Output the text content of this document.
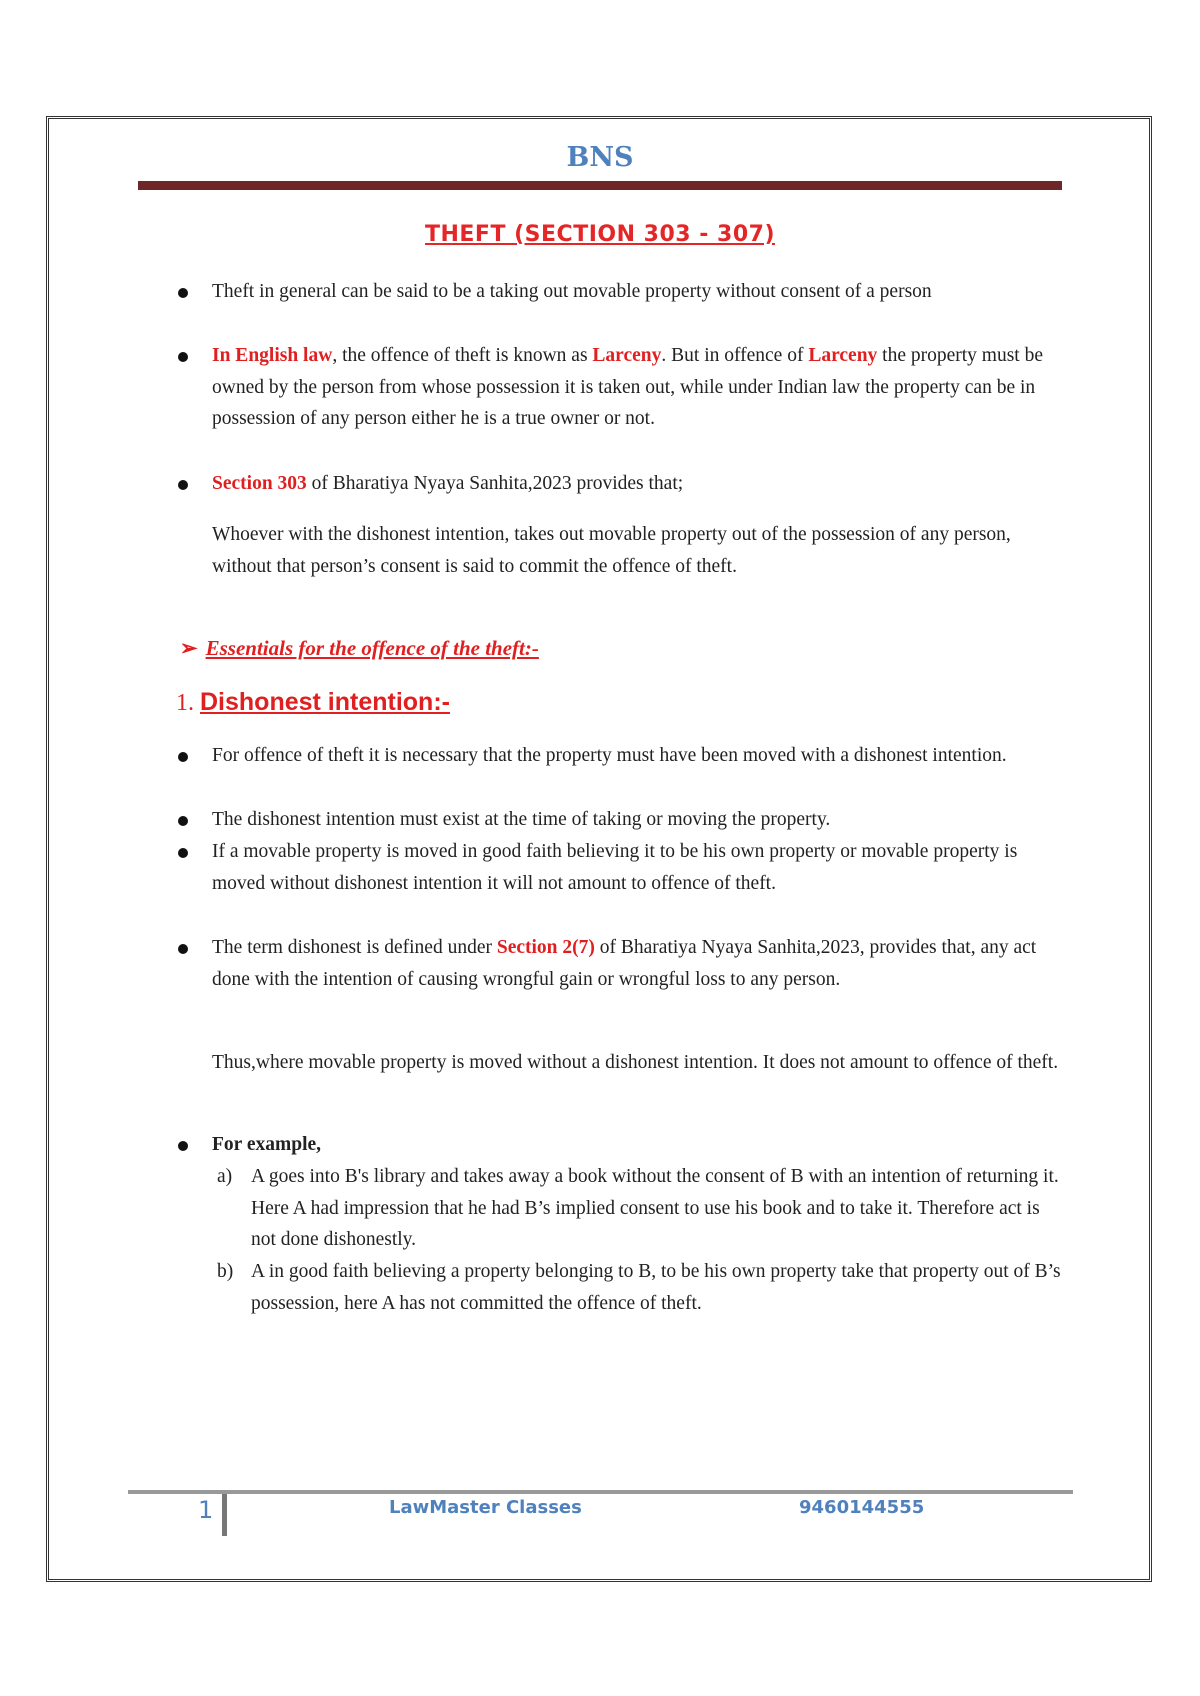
BNS
THEFT (SECTION 303 - 307)
Theft in general can be said to be a taking out movable property without consent of a person
In English law, the offence of theft is known as Larceny. But in offence of Larceny the property must be owned by the person from whose possession it is taken out, while under Indian law the property can be in possession of any person either he is a true owner or not.
Section 303 of Bharatiya Nyaya Sanhita,2023 provides that;
Whoever with the dishonest intention, takes out movable property out of the possession of any person, without that person’s consent is said to commit the offence of theft.
➢ Essentials for the offence of the theft:-
1. Dishonest intention:-
For offence of theft it is necessary that the property must have been moved with a dishonest intention.
The dishonest intention must exist at the time of taking or moving the property.
If a movable property is moved in good faith believing it to be his own property or movable property is moved without dishonest intention it will not amount to offence of theft.
The term dishonest is defined under Section 2(7) of Bharatiya Nyaya Sanhita,2023, provides that, any act done with the intention of causing wrongful gain or wrongful loss to any person.
Thus,where movable property is moved without a dishonest intention. It does not amount to offence of theft.
For example,
a) A goes into B's library and takes away a book without the consent of B with an intention of returning it. Here A had impression that he had B’s implied consent to use his book and to take it. Therefore act is not done dishonestly.
b) A in good faith believing a property belonging to B, to be his own property take that property out of B’s possession, here A has not committed the offence of theft.
1	LawMaster Classes	9460144555
